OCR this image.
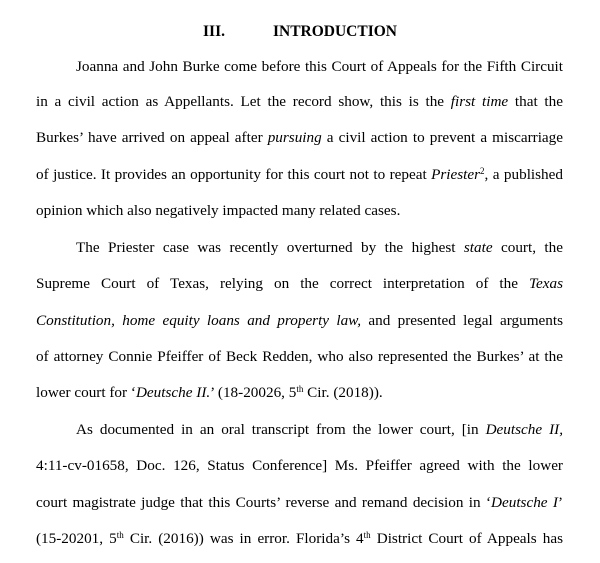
III.	INTRODUCTION
Joanna and John Burke come before this Court of Appeals for the Fifth Circuit
in a civil action as Appellants. Let the record show, this is the first time that the
Burkes’ have arrived on appeal after pursuing a civil action to prevent a miscarriage
of justice. It provides an opportunity for this court not to repeat Priester$^2$, a published
opinion which also negatively impacted many related cases.
The Priester case was recently overturned by the highest state court, the
Supreme Court of Texas, relying on the correct interpretation of the Texas
Constitution, home equity loans and property law, and presented legal arguments
of attorney Connie Pfeiffer of Beck Redden, who also represented the Burkes’ at the
lower court for ‘Deutsche II.’ (18-20026, 5th Cir. (2018)).
As documented in an oral transcript from the lower court, [in Deutsche II,
4:11-cv-01658, Doc. 126, Status Conference] Ms. Pfeiffer agreed with the lower
court magistrate judge that this Courts’ reverse and remand decision in ‘Deutsche I’
(15-20201, 5th Cir. (2016)) was in error. Florida’s 4th District Court of Appeals has
